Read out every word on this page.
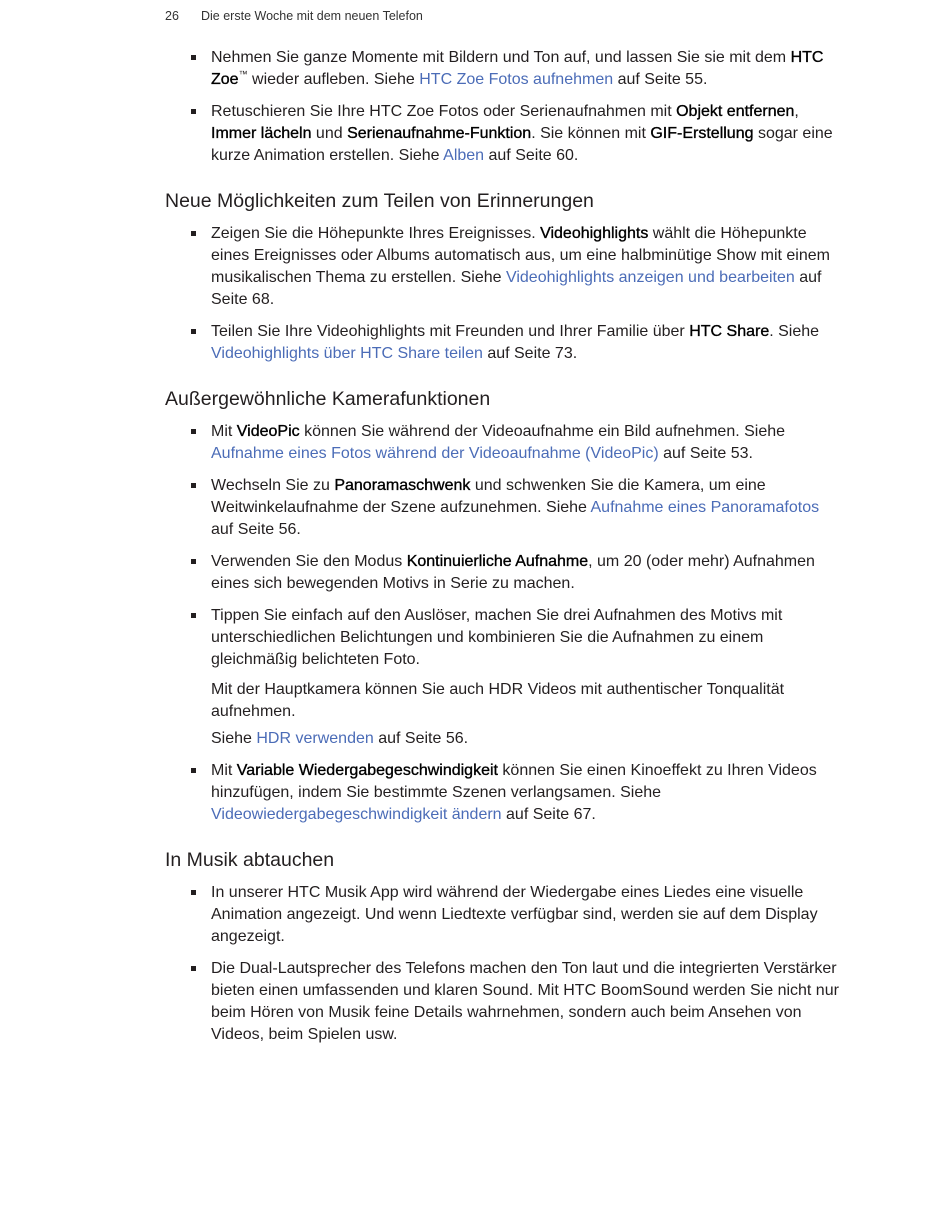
26 Die erste Woche mit dem neuen Telefon
Nehmen Sie ganze Momente mit Bildern und Ton auf, und lassen Sie sie mit dem HTC Zoe™ wieder aufleben. Siehe HTC Zoe Fotos aufnehmen auf Seite 55.
Retuschieren Sie Ihre HTC Zoe Fotos oder Serienaufnahmen mit Objekt entfernen, Immer lächeln und Serienaufnahme-Funktion. Sie können mit GIF-Erstellung sogar eine kurze Animation erstellen. Siehe Alben auf Seite 60.
Neue Möglichkeiten zum Teilen von Erinnerungen
Zeigen Sie die Höhepunkte Ihres Ereignisses. Videohighlights wählt die Höhepunkte eines Ereignisses oder Albums automatisch aus, um eine halbminütige Show mit einem musikalischen Thema zu erstellen. Siehe Videohighlights anzeigen und bearbeiten auf Seite 68.
Teilen Sie Ihre Videohighlights mit Freunden und Ihrer Familie über HTC Share. Siehe Videohighlights über HTC Share teilen auf Seite 73.
Außergewöhnliche Kamerafunktionen
Mit VideoPic können Sie während der Videoaufnahme ein Bild aufnehmen. Siehe Aufnahme eines Fotos während der Videoaufnahme (VideoPic) auf Seite 53.
Wechseln Sie zu Panoramaschwenk und schwenken Sie die Kamera, um eine Weitwinkelaufnahme der Szene aufzunehmen. Siehe Aufnahme eines Panoramafotos auf Seite 56.
Verwenden Sie den Modus Kontinuierliche Aufnahme, um 20 (oder mehr) Aufnahmen eines sich bewegenden Motivs in Serie zu machen.
Tippen Sie einfach auf den Auslöser, machen Sie drei Aufnahmen des Motivs mit unterschiedlichen Belichtungen und kombinieren Sie die Aufnahmen zu einem gleichmäßig belichteten Foto.

Mit der Hauptkamera können Sie auch HDR Videos mit authentischer Tonqualität aufnehmen.

Siehe HDR verwenden auf Seite 56.

Mit Variable Wiedergabegeschwindigkeit können Sie einen Kinoeffekt zu Ihren Videos hinzufügen, indem Sie bestimmte Szenen verlangsamen. Siehe Videowiedergabegeschwindigkeit ändern auf Seite 67.
In Musik abtauchen
In unserer HTC Musik App wird während der Wiedergabe eines Liedes eine visuelle Animation angezeigt. Und wenn Liedtexte verfügbar sind, werden sie auf dem Display angezeigt.
Die Dual-Lautsprecher des Telefons machen den Ton laut und die integrierten Verstärker bieten einen umfassenden und klaren Sound. Mit HTC BoomSound werden Sie nicht nur beim Hören von Musik feine Details wahrnehmen, sondern auch beim Ansehen von Videos, beim Spielen usw.
